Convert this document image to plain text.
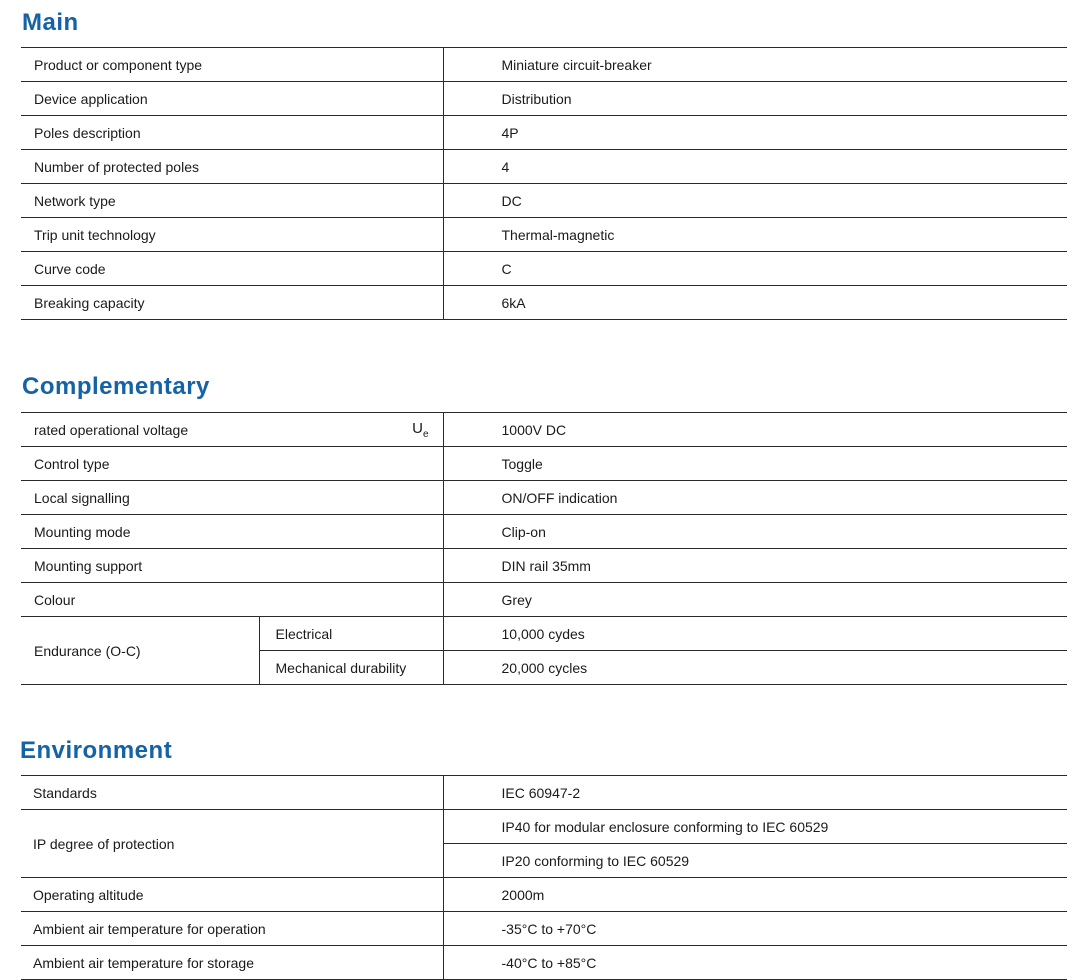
Main
Product or component type	Miniature circuit-breaker
Device application	Distribution
Poles description	4P
Number of protected poles	4
Network type	DC
Trip unit technology	Thermal-magnetic
Curve code	C
Breaking capacity	6kA
Complementary
rated operational voltage $U_e$		1000V DC
Control type		Toggle
Local signalling		ON/OFF indication
Mounting mode		Clip-on
Mounting support		DIN rail 35mm
Colour		Grey
Endurance (O-C)	Electrical	10,000 cydes
	Mechanical durability	20,000 cycles
Environment
Standards	IEC 60947-2
IP degree of protection	IP40 for modular enclosure conforming to IEC 60529
	IP20 conforming to IEC 60529
Operating altitude	2000m
Ambient air temperature for operation	-35°C to +70°C
Ambient air temperature for storage	-40°C to +85°C
